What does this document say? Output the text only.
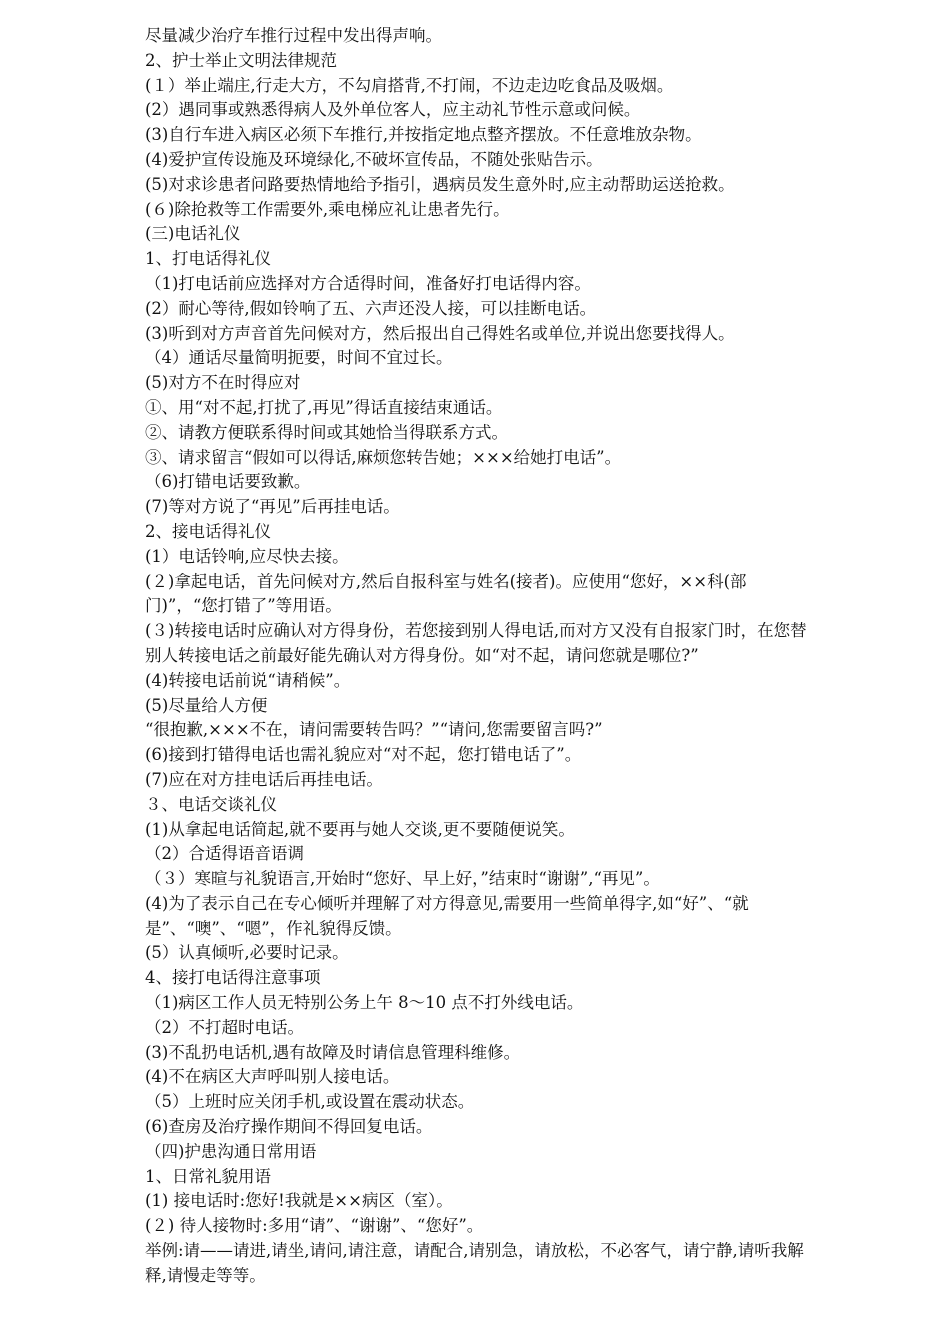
尽量减少治疗车推行过程中发出得声响。

2、护士举止文明法律规范

(１）举止端庄,行走大方，不勾肩搭背,不打闹，不边走边吃食品及吸烟。

(2）遇同事或熟悉得病人及外单位客人，应主动礼节性示意或问候。

(3)自行车进入病区必须下车推行,并按指定地点整齐摆放。不任意堆放杂物。

(4)爱护宣传设施及环境绿化,不破坏宣传品，不随处张贴告示。

(5)对求诊患者问路要热情地给予指引，遇病员发生意外时,应主动帮助运送抢救。

(６)除抢救等工作需要外,乘电梯应礼让患者先行。

(三)电话礼仪

1、打电话得礼仪

（1)打电话前应选择对方合适得时间，准备好打电话得内容。

(2）耐心等待,假如铃响了五、六声还没人接，可以挂断电话。

(3)听到对方声音首先问候对方，然后报出自己得姓名或单位,并说出您要找得人。

（4）通话尽量简明扼要，时间不宜过长。

(5)对方不在时得应对

①、用“对不起,打扰了,再见”得话直接结束通话。

②、请教方便联系得时间或其她恰当得联系方式。

③、请求留言“假如可以得话,麻烦您转告她；×××给她打电话”。

（6)打错电话要致歉。

(7)等对方说了“再见”后再挂电话。

2、接电话得礼仪

(1）电话铃响,应尽快去接。

(２)拿起电话，首先问候对方,然后自报科室与姓名(接者)。应使用“您好，××科(部门)”，“您打错了”等用语。

(３)转接电话时应确认对方得身份，若您接到别人得电话,而对方又没有自报家门时，在您替别人转接电话之前最好能先确认对方得身份。如“对不起，请问您就是哪位?”

(4)转接电话前说“请稍候”。

(5)尽量给人方便

“很抱歉,×××不在，请问需要转告吗？”“请问,您需要留言吗?”

(6)接到打错得电话也需礼貌应对“对不起，您打错电话了”。

(7)应在对方挂电话后再挂电话。

３、电话交谈礼仪

(1)从拿起电话简起,就不要再与她人交谈,更不要随便说笑。

（2）合适得语音语调

（３）寒暄与礼貌语言,开始时“您好、早上好，”结束时“谢谢”,“再见”。

(4)为了表示自己在专心倾听并理解了对方得意见,需要用一些简单得字,如“好”、“就是”、“噢”、“嗯”，作礼貌得反馈。

(5）认真倾听,必要时记录。

4、接打电话得注意事项

（1)病区工作人员无特别公务上午 8～10 点不打外线电话。

（2）不打超时电话。

(3)不乱扔电话机,遇有故障及时请信息管理科维修。

(4)不在病区大声呼叫别人接电话。

（5）上班时应关闭手机,或设置在震动状态。

(6)查房及治疗操作期间不得回复电话。

（四)护患沟通日常用语

1、日常礼貌用语

(1) 接电话时:您好!我就是××病区（室）。

(２) 待人接物时:多用“请”、“谢谢”、“您好”。

举例:请——请进,请坐,请问,请注意，请配合,请别急，请放松，不必客气，请宁静,请听我解释,请慢走等等。
